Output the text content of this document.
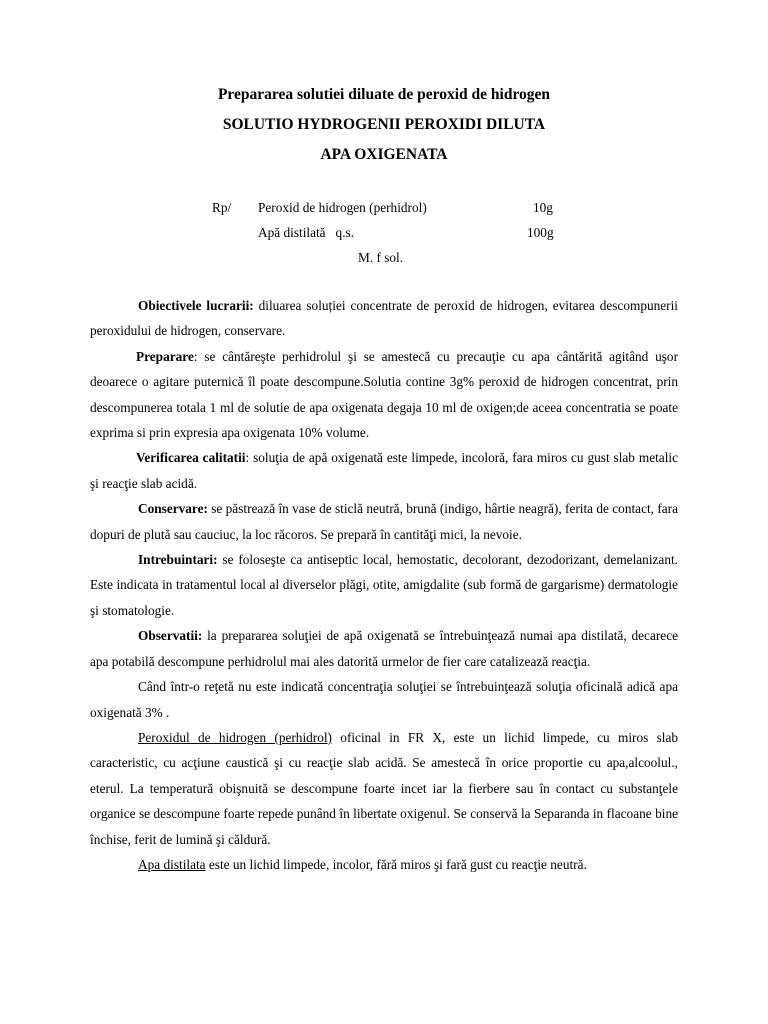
Prepararea solutiei diluate de peroxid de hidrogen
SOLUTIO HYDROGENII PEROXIDI DILUTA
APA OXIGENATA
Rp/ Peroxid de hidrogen (perhidrol)	10g
Apă distilată   q.s.	100g
M. f sol.

Obiectivele lucrarii: diluarea soluției concentrate de peroxid de hidrogen, evitarea descompunerii peroxidului de hidrogen, conservare.

Preparare: se cântăreşte perhidrolul şi se amestecă cu precauţie cu apa cântărită agitând uşor deoarece o agitare puternică îl poate descompune.Solutia contine 3g% peroxid de hidrogen concentrat, prin descompunerea totala 1 ml de solutie de apa oxigenata degaja 10 ml de oxigen;de aceea concentratia se poate exprima si prin expresia apa oxigenata 10% volume.

Verificarea calitatii: soluţia de apă oxigenată este limpede, incoloră, fara miros cu gust slab metalic şi reacţie slab acidă.

Conservare: se păstrează în vase de sticlă neutră, brună (indigo, hârtie neagră), ferita de contact, fara dopuri de plută sau cauciuc, la loc răcoros. Se prepară în cantităţi mici, la nevoie.

Intrebuintari: se foloseşte ca antiseptic local, hemostatic, decolorant, dezodorizant, demelanizant. Este indicata in tratamentul local al diverselor plăgi, otite, amigdalite (sub formă de gargarisme) dermatologie şi stomatologie.

Observatii: la prepararea soluţiei de apă oxigenată se întrebuinţează numai apa distilată, decarece apa potabilă descompune perhidrolul mai ales datorită urmelor de fier care catalizează reacţia.

Când într-o reţetă nu este indicată concentraţia soluţiei se întrebuinţează soluţia oficinală adică apa oxigenată 3% .

Peroxidul de hidrogen (perhidrol) oficinal in FR X, este un lichid limpede, cu miros slab caracteristic, cu acţiune caustică şi cu reacţie slab acidă. Se amestecă în orice proportie cu apa,alcoolul., eterul. La temperatură obişnuită se descompune foarte incet iar la fierbere sau în contact cu substanţele organice se descompune foarte repede punând în libertate oxigenul. Se conservă la Separanda in flacoane bine închise, ferit de lumină şi căldură.

Apa distilata este un lichid limpede, incolor, fără miros şi fară gust cu reacţie neutră.
